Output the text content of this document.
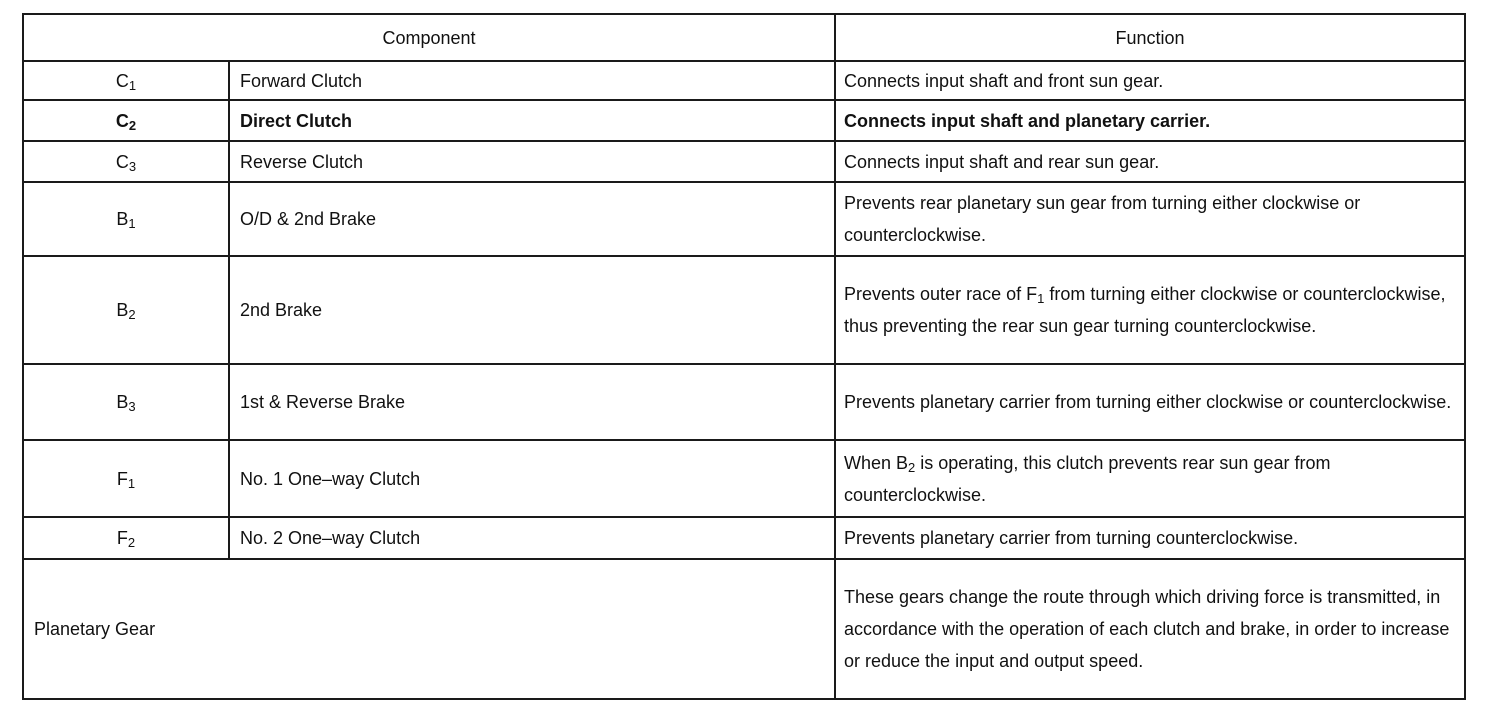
Component		Function
$C_1$	Forward Clutch	Connects input shaft and front sun gear.
$C_2$	Direct Clutch	Connects input shaft and planetary carrier.
$C_3$	Reverse Clutch	Connects input shaft and rear sun gear.
$B_1$	O/D & 2nd Brake	Prevents rear planetary sun gear from turning either clockwise or counterclockwise.
$B_2$	2nd Brake	Prevents outer race of $F_1$ from turning either clockwise or counterclockwise, thus preventing the rear sun gear turning counterclockwise.
$B_3$	1st & Reverse Brake	Prevents planetary carrier from turning either clockwise or counterclockwise.
$F_1$	No. 1 One–way Clutch	When $B_2$ is operating, this clutch prevents rear sun gear from counterclockwise.
$F_2$	No. 2 One–way Clutch	Prevents planetary carrier from turning counterclockwise.
Planetary Gear		These gears change the route through which driving force is transmitted, in accordance with the operation of each clutch and brake, in order to increase or reduce the input and output speed.
